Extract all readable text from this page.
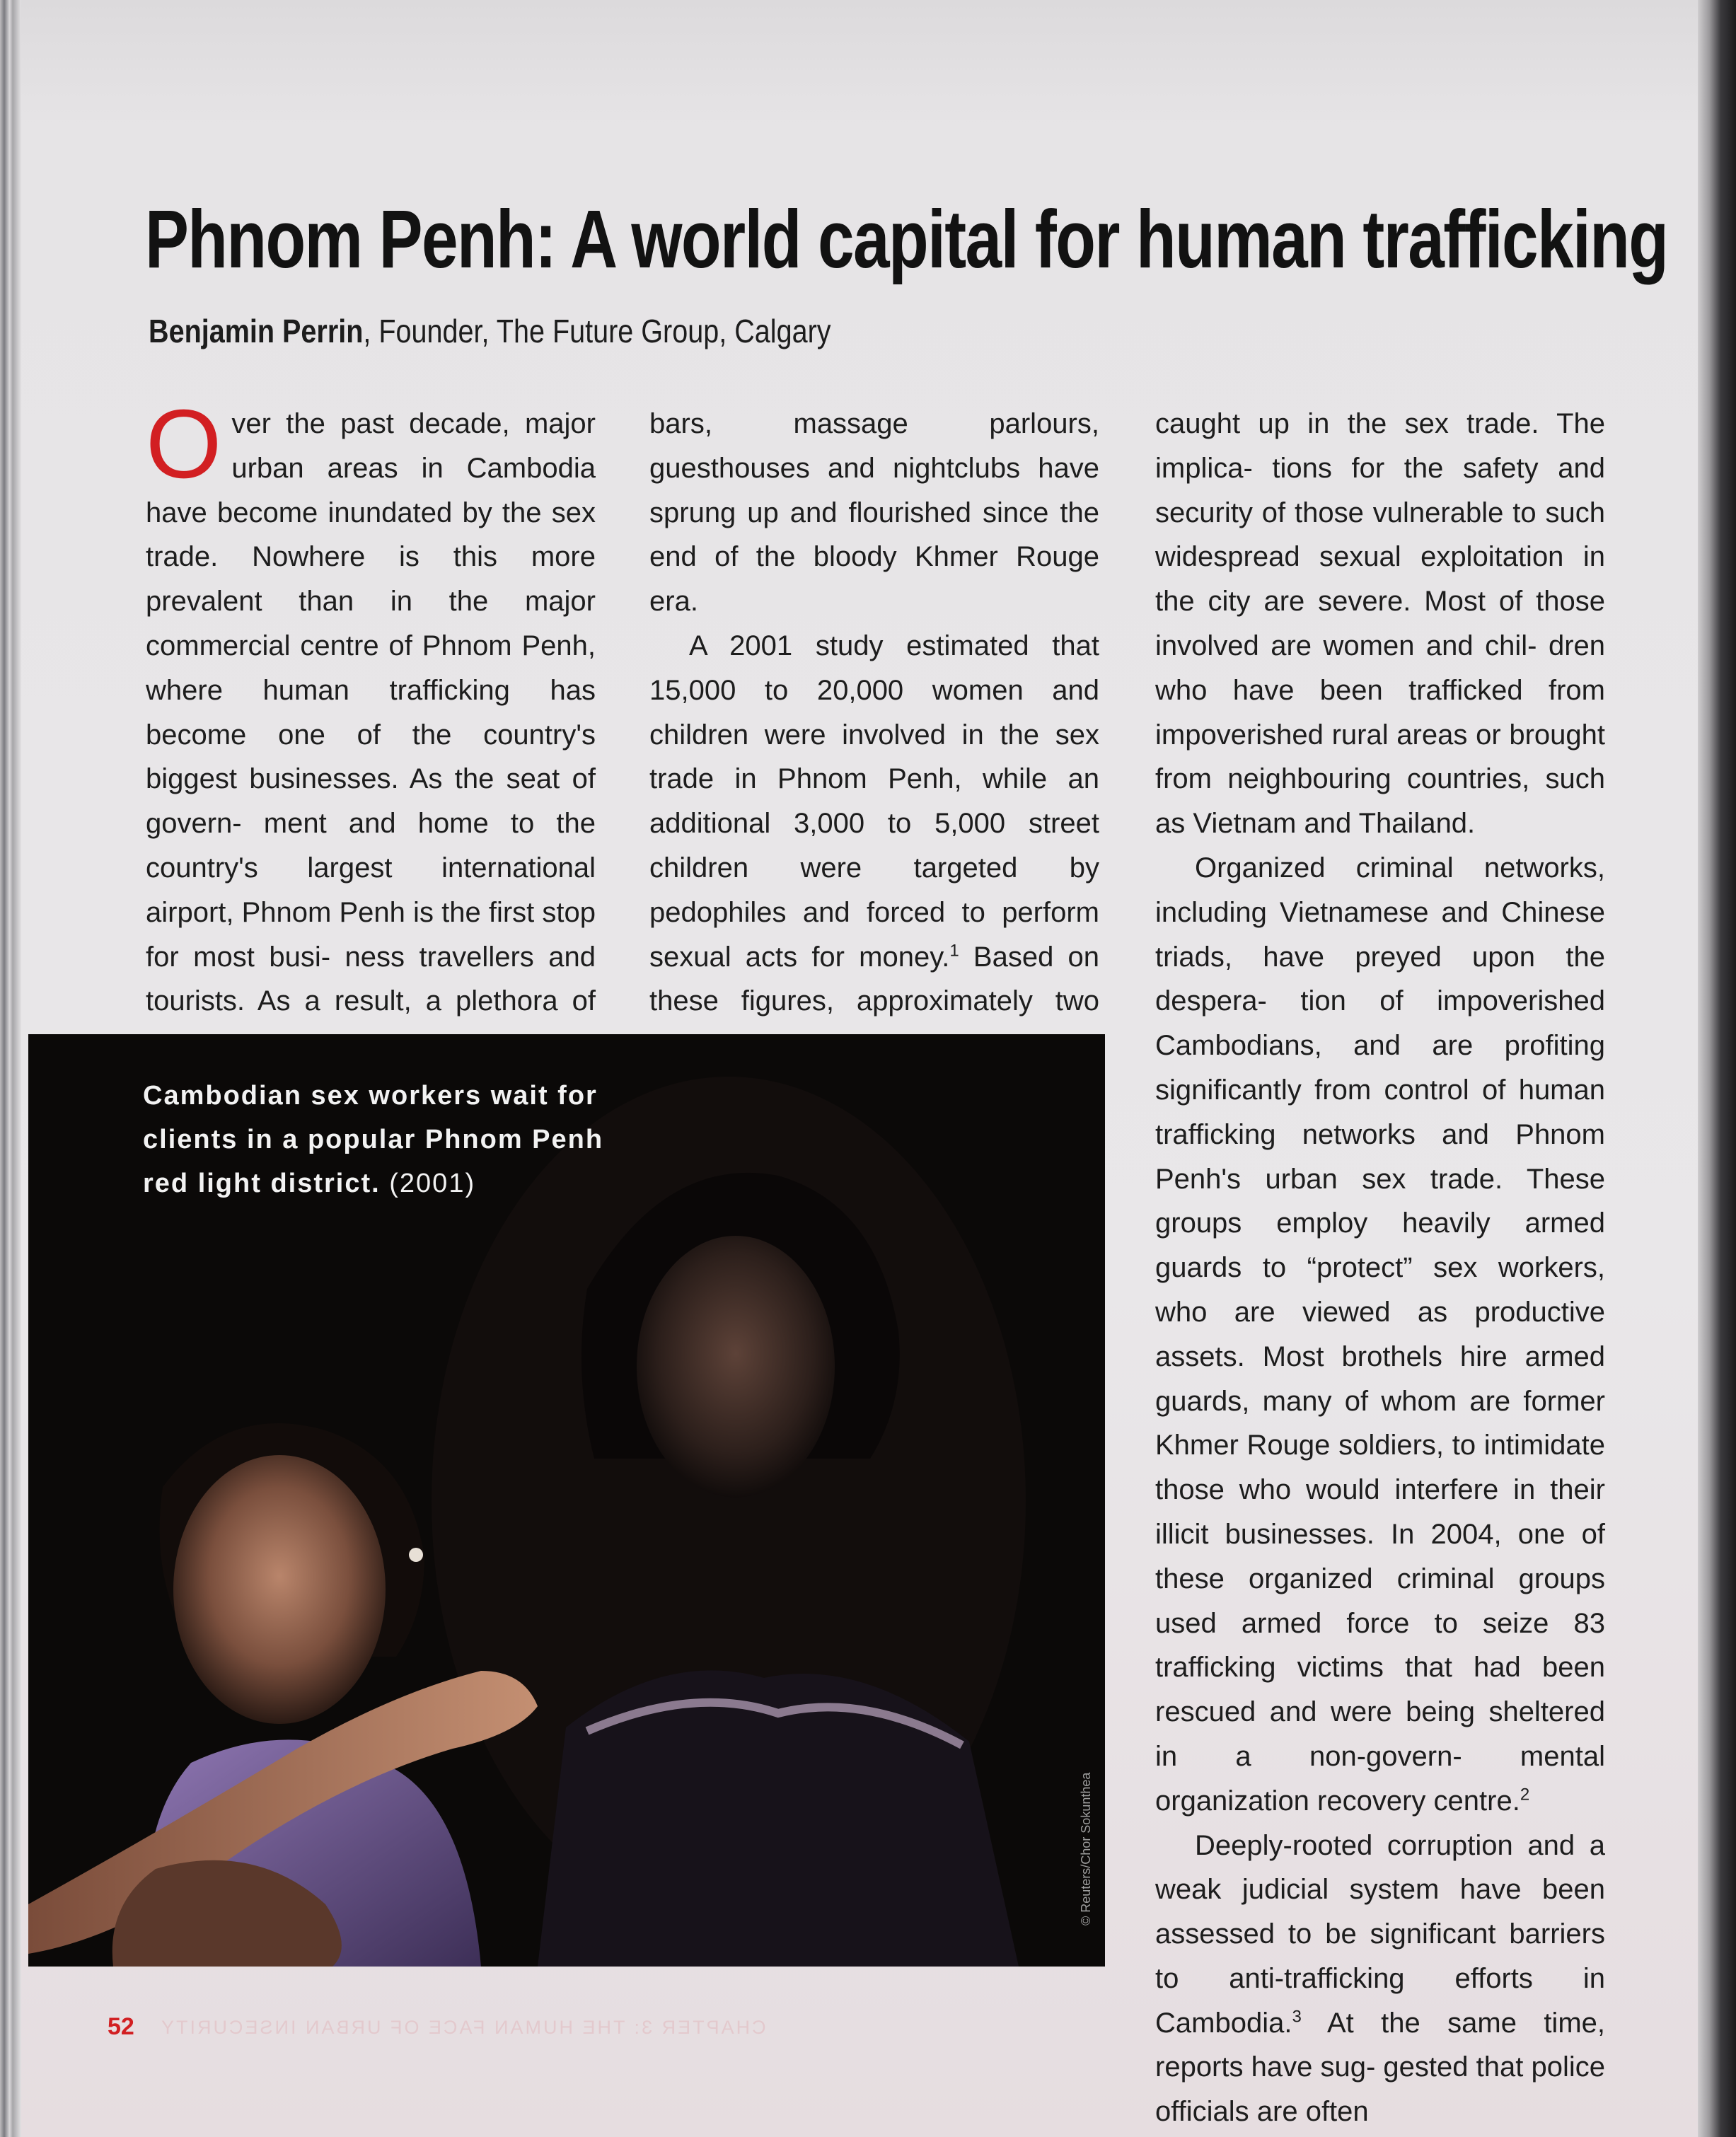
Phnom Penh: A world capital for human trafficking
Benjamin Perrin, Founder, The Future Group, Calgary

Over the past decade, major urban areas in Cambodia have become inundated by the sex trade. Nowhere is this more prevalent than in the major commercial centre of Phnom Penh, where human trafficking has become one of the country's biggest businesses. As the seat of govern- ment and home to the country's largest international airport, Phnom Penh is the first stop for most busi- ness travellers and tourists. As a result, a plethora of

bars, massage parlours, guesthouses and nightclubs have sprung up and flourished since the end of the bloody Khmer Rouge era.

A 2001 study estimated that 15,000 to 20,000 women and children were involved in the sex trade in Phnom Penh, while an additional 3,000 to 5,000 street children were targeted by pedophiles and forced to perform sexual acts for money.$^1$ Based on these figures, approximately two

caught up in the sex trade. The implica- tions for the safety and security of those vulnerable to such widespread sexual exploitation in the city are severe. Most of those involved are women and chil- dren who have been trafficked from impoverished rural areas or brought from neighbouring countries, such as Vietnam and Thailand.

Organized criminal networks, including Vietnamese and Chinese triads, have preyed upon the despera- tion of impoverished Cambodians, and are profiting significantly from control of human trafficking networks and Phnom Penh's urban sex trade. These groups employ heavily armed guards to “protect” sex workers, who are viewed as productive assets. Most brothels hire armed guards, many of whom are former Khmer Rouge soldiers, to intimidate those who would interfere in their illicit businesses. In 2004, one of these organized criminal groups used armed force to seize 83 trafficking victims that had been rescued and were being sheltered in a non-govern- mental organization recovery centre.$^2$

Deeply-rooted corruption and a weak judicial system have been assessed to be significant barriers to anti-trafficking efforts in Cambodia.$^3$ At the same time, reports have sug- gested that police officials are often

Cambodian sex workers wait for clients in a popular Phnom Penh red light district. (2001)
© Reuters/Chor Sokunthea
52 CHAPTER 3: THE HUMAN FACE OF URBAN INSECURITY
